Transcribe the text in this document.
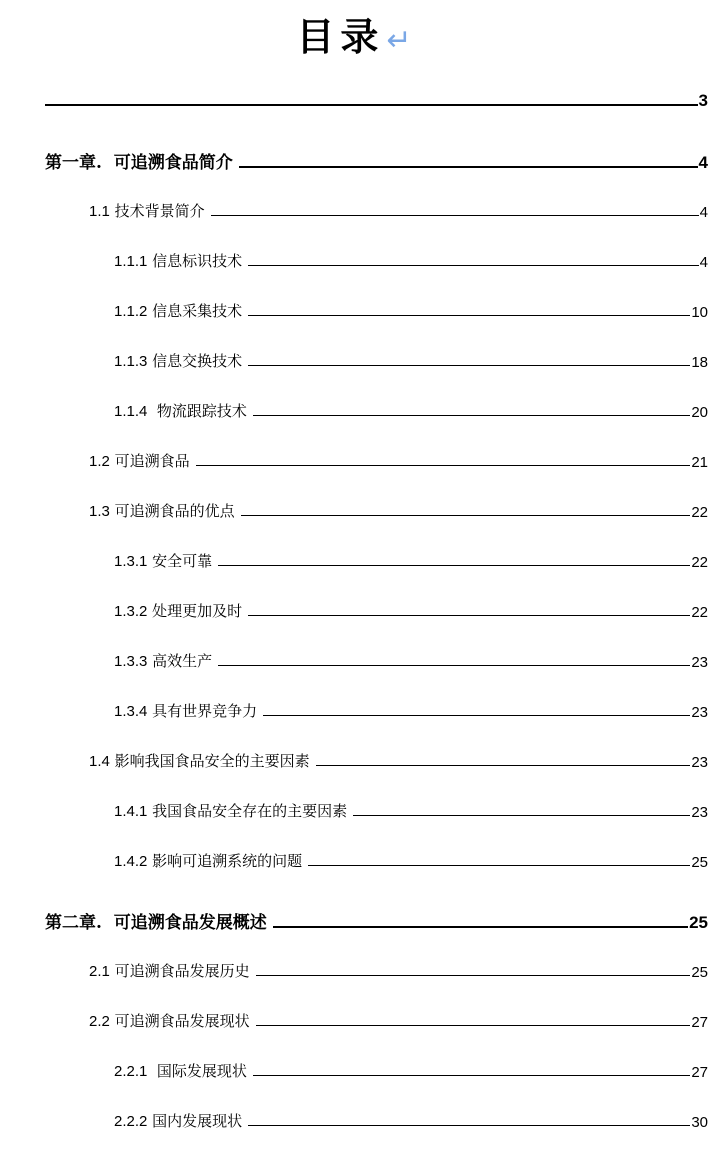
目录↵
3
第一章. 可追溯食品简介	4
1.1 技术背景简介	4
1.1.1 信息标识技术	4
1.1.2 信息采集技术	10
1.1.3 信息交换技术	18
1.1.4  物流跟踪技术	20
1.2 可追溯食品	21
1.3 可追溯食品的优点	22
1.3.1 安全可靠	22
1.3.2 处理更加及时	22
1.3.3 高效生产	23
1.3.4 具有世界竞争力	23
1.4 影响我国食品安全的主要因素	23
1.4.1 我国食品安全存在的主要因素	23
1.4.2 影响可追溯系统的问题	25
第二章. 可追溯食品发展概述	25
2.1 可追溯食品发展历史	25
2.2 可追溯食品发展现状	27
2.2.1  国际发展现状	27
2.2.2 国内发展现状	30
